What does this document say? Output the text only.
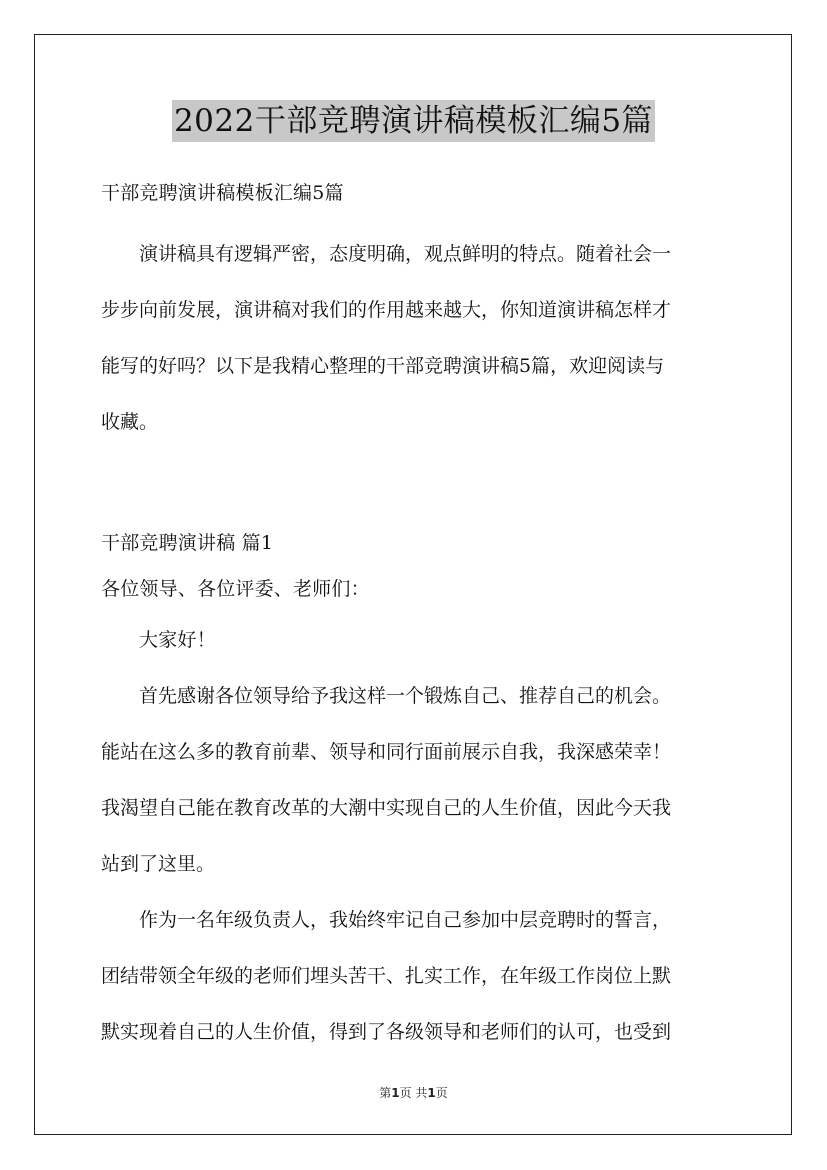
2022干部竞聘演讲稿模板汇编5篇

干部竞聘演讲稿模板汇编5篇

演讲稿具有逻辑严密，态度明确，观点鲜明的特点。随着社会一
步步向前发展，演讲稿对我们的作用越来越大，你知道演讲稿怎样才
能写的好吗？以下是我精心整理的干部竞聘演讲稿5篇，欢迎阅读与
收藏。

干部竞聘演讲稿 篇1

各位领导、各位评委、老师们：

大家好！

首先感谢各位领导给予我这样一个锻炼自己、推荐自己的机会。
能站在这么多的教育前辈、领导和同行面前展示自我，我深感荣幸！
我渴望自己能在教育改革的大潮中实现自己的人生价值，因此今天我
站到了这里。

作为一名年级负责人，我始终牢记自己参加中层竞聘时的誓言，
团结带领全年级的老师们埋头苦干、扎实工作，在年级工作岗位上默
默实现着自己的人生价值，得到了各级领导和老师们的认可，也受到

第1页 共1页
